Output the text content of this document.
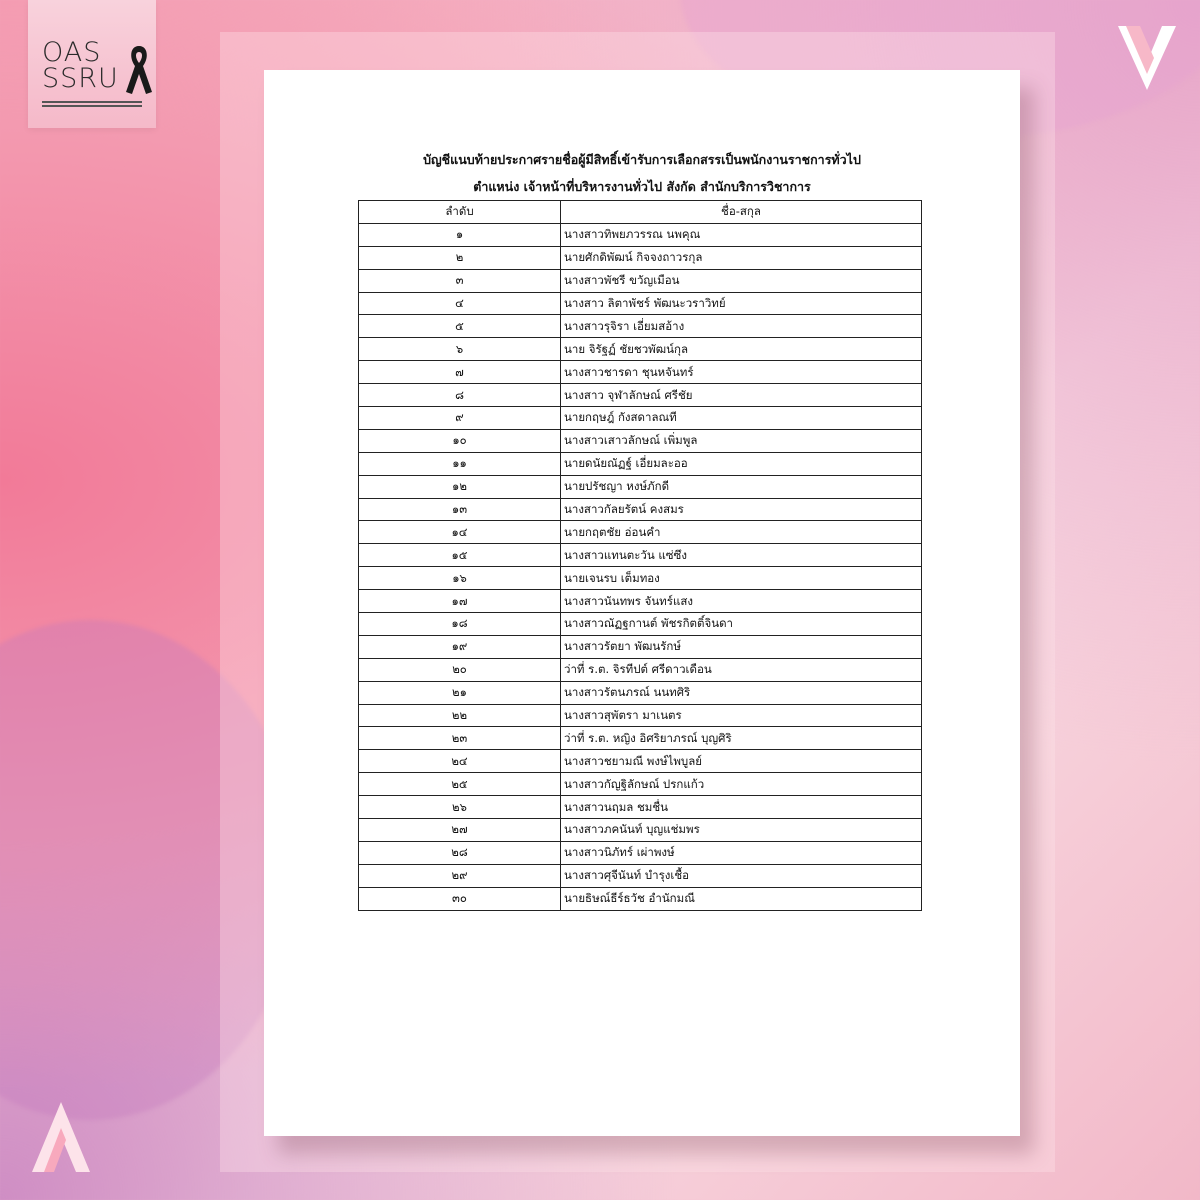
OAS
SSRU
บัญชีแนบท้ายประกาศรายชื่อผู้มีสิทธิ์เข้ารับการเลือกสรรเป็นพนักงานราชการทั่วไป
ตำแหน่ง เจ้าหน้าที่บริหารงานทั่วไป สังกัด สำนักบริการวิชาการ
ลำดับ	ชื่อ-สกุล
๑	นางสาวทิพยภวรรณ นพคุณ
๒	นายศักดิพัฒน์ กิจจงถาวรกุล
๓	นางสาวพัชรี ขวัญเมือน
๔	นางสาว ลิตาพัชร์ พัฒนะวราวิทย์
๕	นางสาวรุจิรา เอี่ยมสอ้าง
๖	นาย จิรัฐฏ์ ชัยชวพัฒน์กุล
๗	นางสาวชารดา ชุนหจันทร์
๘	นางสาว จุฬาลักษณ์ ศรีชัย
๙	นายกฤษฎ์ กังสดาลณที
๑๐	นางสาวเสาวลักษณ์ เพิ่มพูล
๑๑	นายดนัยณัฏฐ์ เอี่ยมละออ
๑๒	นายปรัชญา หงษ์ภักดี
๑๓	นางสาวกัลยรัตน์ คงสมร
๑๔	นายกฤตชัย อ่อนคำ
๑๕	นางสาวแทนตะวัน แซ่ซึง
๑๖	นายเจนรบ เต็มทอง
๑๗	นางสาวนันทพร จันทร์แสง
๑๘	นางสาวณัฏฐกานต์ พัชรกิตติ์จินดา
๑๙	นางสาวรัตยา พัฒนรักษ์
๒๐	ว่าที่ ร.ต. จิรทีปต์ ศรีดาวเดือน
๒๑	นางสาวรัตนภรณ์ นนทศิริ
๒๒	นางสาวสุพัตรา มาเนตร
๒๓	ว่าที่ ร.ต. หญิง อิศริยาภรณ์ บุญศิริ
๒๔	นางสาวชยามณี พงษ์ไพบูลย์
๒๕	นางสาวกัญฐิลักษณ์ ปรกแก้ว
๒๖	นางสาวนฤมล ชมชื่น
๒๗	นางสาวภคนันท์ บุญแช่มพร
๒๘	นางสาวนิภัทร์ เผ่าพงษ์
๒๙	นางสาวศุจีนันท์ บำรุงเชื้อ
๓๐	นายธิษณ์ธีร์ธวัช อำนักมณี
